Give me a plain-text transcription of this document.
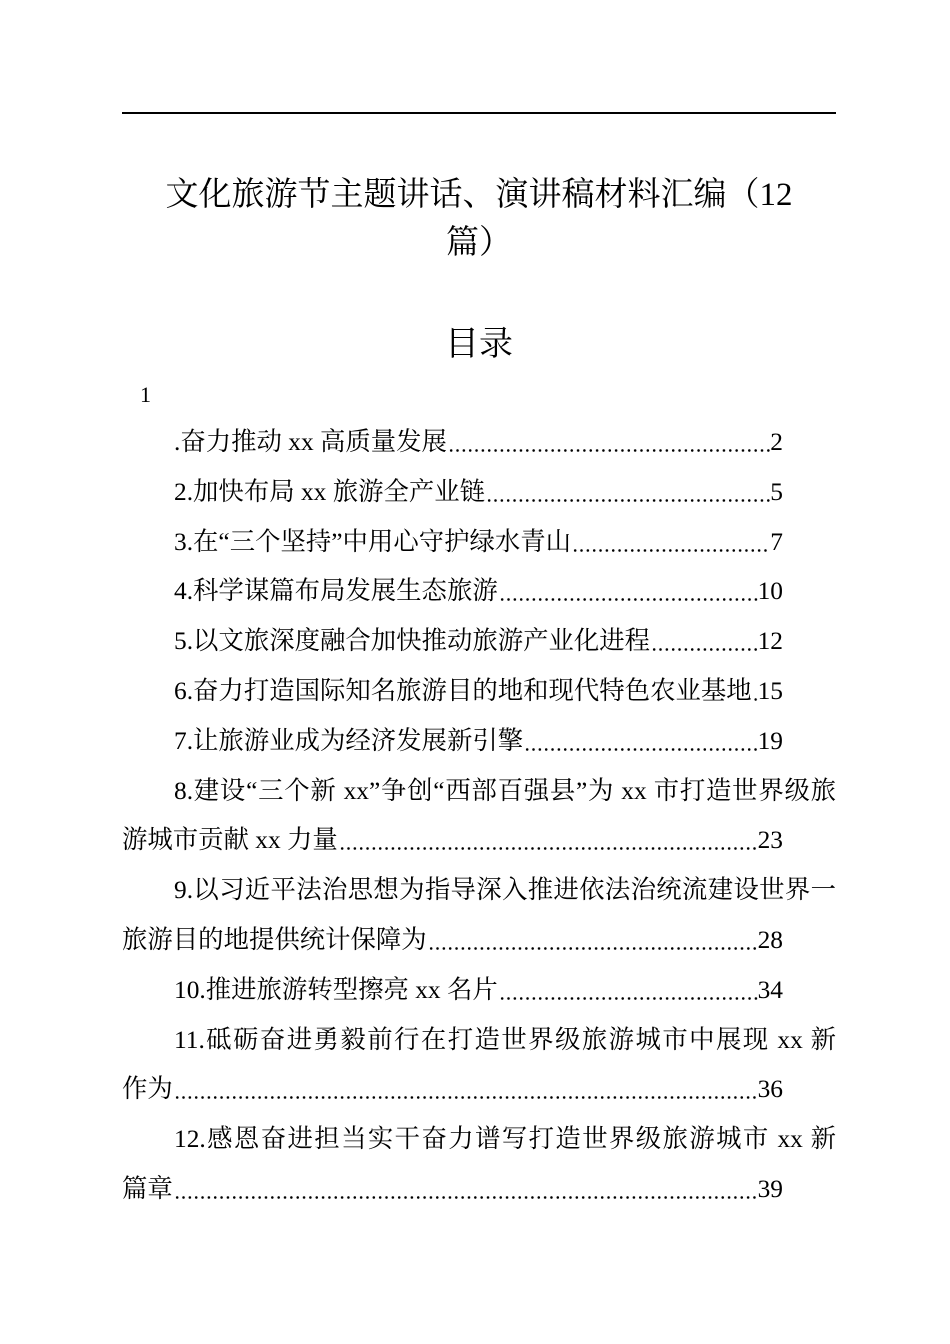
文化旅游节主题讲话、演讲稿材料汇编（12
篇）
目录
1
.奋力推动 xx 高质量发展	2
2.加快布局 xx 旅游全产业链	5
3.在“三个坚持”中用心守护绿水青山	7
4.科学谋篇布局发展生态旅游	10
5.以文旅深度融合加快推动旅游产业化进程	12
6.奋力打造国际知名旅游目的地和现代特色农业基地 15
7.让旅游业成为经济发展新引擎	19
8.建设“三个新 xx”争创“西部百强县”为 xx 市打造世界级旅
游城市贡献 xx 力量	23
9.以习近平法治思想为指导深入推进依法治统流建设世界一
旅游目的地提供统计保障为	28
10.推进旅游转型擦亮 xx 名片	34
11.砥砺奋进勇毅前行在打造世界级旅游城市中展现 xx 新
作为	36
12.感恩奋进担当实干奋力谱写打造世界级旅游城市 xx 新
篇章	39
